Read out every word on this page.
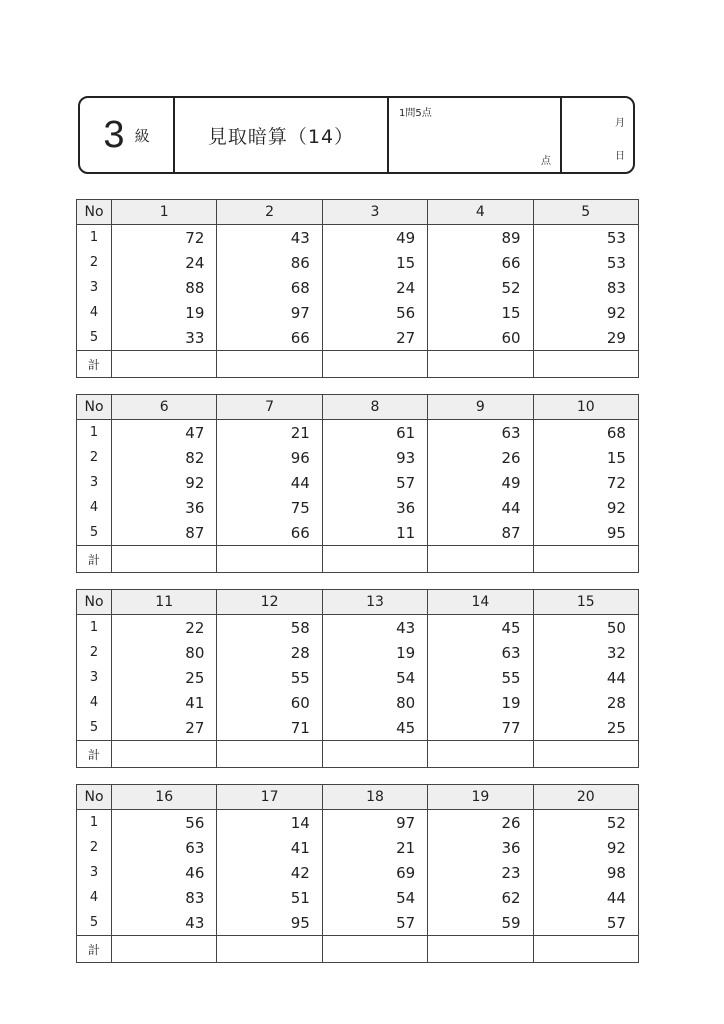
3 級	見取暗算（14）
1問5点
点
月
日
No	1	2	3	4	5
1	72	43	49	89	53
2	24	86	15	66	53
3	88	68	24	52	83
4	19	97	56	15	92
5	33	66	27	60	29
計					
No	6	7	8	9	10
1	47	21	61	63	68
2	82	96	93	26	15
3	92	44	57	49	72
4	36	75	36	44	92
5	87	66	11	87	95
計					
No	11	12	13	14	15
1	22	58	43	45	50
2	80	28	19	63	32
3	25	55	54	55	44
4	41	60	80	19	28
5	27	71	45	77	25
計					
No	16	17	18	19	20
1	56	14	97	26	52
2	63	41	21	36	92
3	46	42	69	23	98
4	83	51	54	62	44
5	43	95	57	59	57
計					
